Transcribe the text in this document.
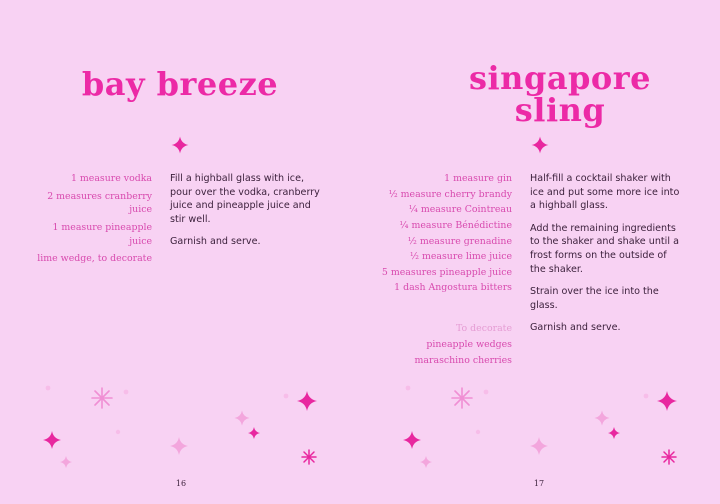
bay breeze
1 measure vodka
2 measures cranberry juice
1 measure pineapple juice
lime wedge, to decorate

Fill a highball glass with ice, pour over the vodka, cranberry juice and pineapple juice and stir well.

Garnish and serve.

16
singapore
sling
1 measure gin
½ measure cherry brandy
¼ measure Cointreau
¼ measure Bénédictine
½ measure grenadine
½ measure lime juice
5 measures pineapple juice
1 dash Angostura bitters
To decorate
pineapple wedges
maraschino cherries

Half-fill a cocktail shaker with ice and put some more ice into a highball glass.

Add the remaining ingredients to the shaker and shake until a frost forms on the outside of the shaker.

Strain over the ice into the glass.

Garnish and serve.

17
